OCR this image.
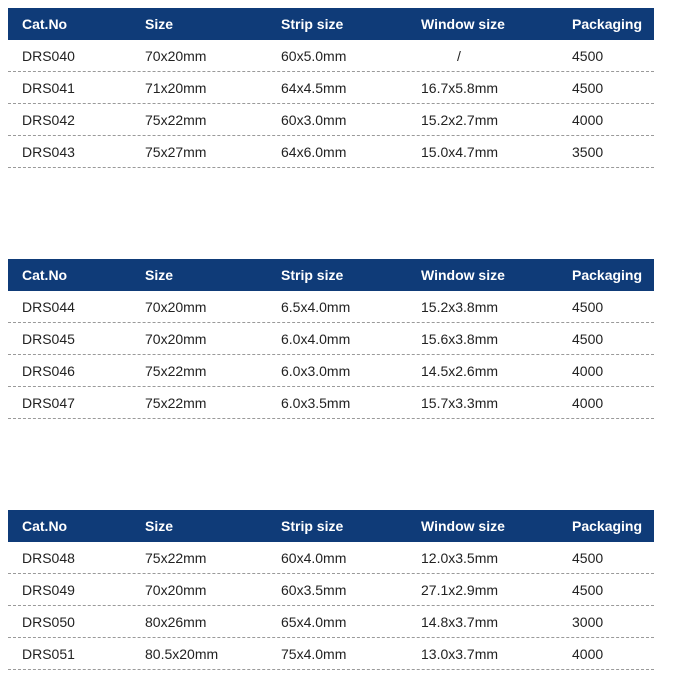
Cat.No	Size	Strip size	Window size	Packaging
DRS040	70x20mm	60x5.0mm	/	4500
DRS041	71x20mm	64x4.5mm	16.7x5.8mm	4500
DRS042	75x22mm	60x3.0mm	15.2x2.7mm	4000
DRS043	75x27mm	64x6.0mm	15.0x4.7mm	3500
Cat.No	Size	Strip size	Window size	Packaging
DRS044	70x20mm	6.5x4.0mm	15.2x3.8mm	4500
DRS045	70x20mm	6.0x4.0mm	15.6x3.8mm	4500
DRS046	75x22mm	6.0x3.0mm	14.5x2.6mm	4000
DRS047	75x22mm	6.0x3.5mm	15.7x3.3mm	4000
Cat.No	Size	Strip size	Window size	Packaging
DRS048	75x22mm	60x4.0mm	12.0x3.5mm	4500
DRS049	70x20mm	60x3.5mm	27.1x2.9mm	4500
DRS050	80x26mm	65x4.0mm	14.8x3.7mm	3000
DRS051	80.5x20mm	75x4.0mm	13.0x3.7mm	4000
